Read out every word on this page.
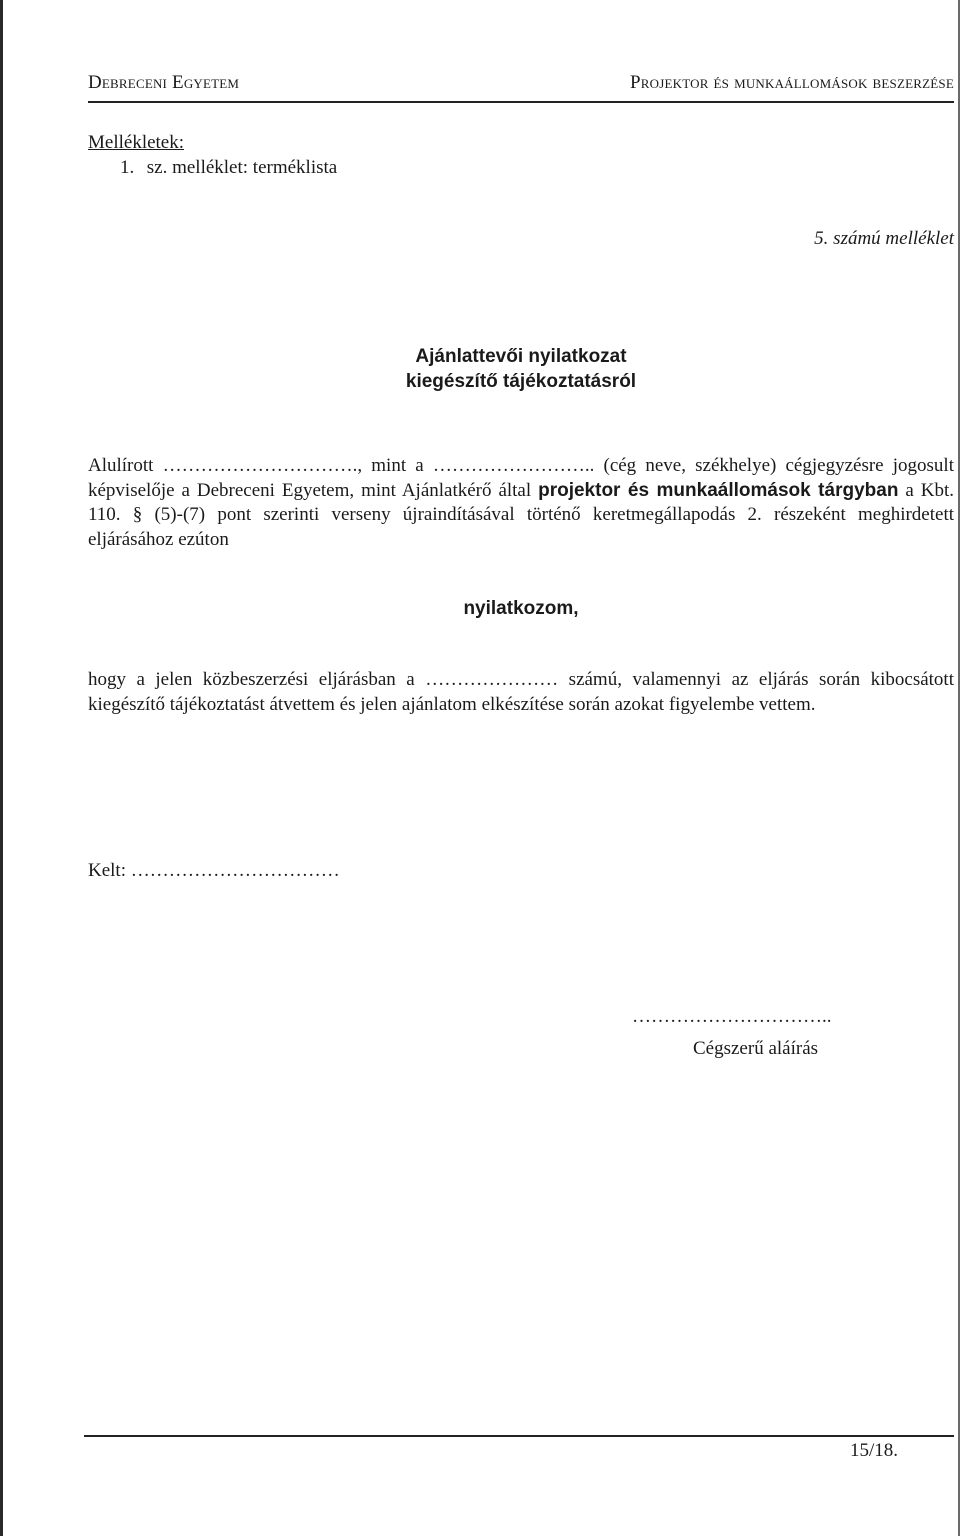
Debreceni Egyetem	Projektor és munkaállomások beszerzése
Mellékletek:
1. sz. melléklet: terméklista
5. számú melléklet
Ajánlattevői nyilatkozat
kiegészítő tájékoztatásról
Alulírott …………………………., mint a …………………….. (cég neve, székhelye) cégjegyzésre jogosult képviselője a Debreceni Egyetem, mint Ajánlatkérő által projektor és munkaállomások tárgyban a Kbt. 110. § (5)-(7) pont szerinti verseny újraindításával történő keretmegállapodás 2. részeként meghirdetett eljárásához ezúton
nyilatkozom,
hogy a jelen közbeszerzési eljárásban a ………………… számú, valamennyi az eljárás során kibocsátott kiegészítő tájékoztatást átvettem és jelen ajánlatom elkészítése során azokat figyelembe vettem.
Kelt: ……………………………
…………………………..
Cégszerű aláírás
15/18.
